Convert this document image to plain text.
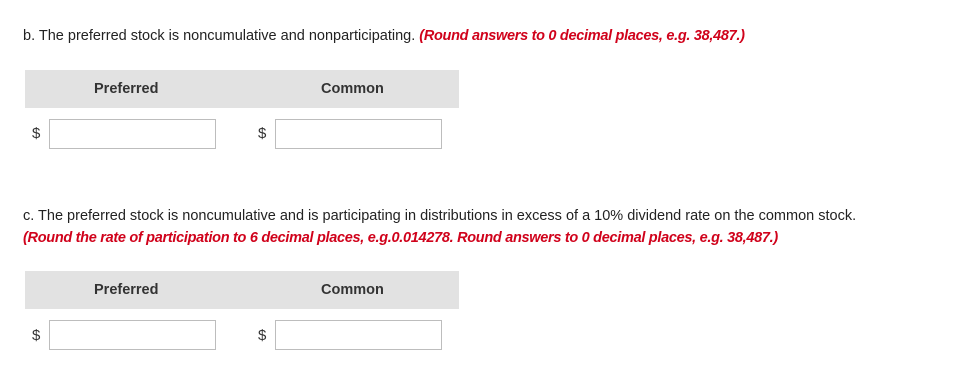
b. The preferred stock is noncumulative and nonparticipating. (Round answers to 0 decimal places, e.g. 38,487.)
Preferred	Common
$	$
c. The preferred stock is noncumulative and is participating in distributions in excess of a 10% dividend rate on the common stock.
(Round the rate of participation to 6 decimal places, e.g.0.014278. Round answers to 0 decimal places, e.g. 38,487.)
Preferred	Common
$	$
